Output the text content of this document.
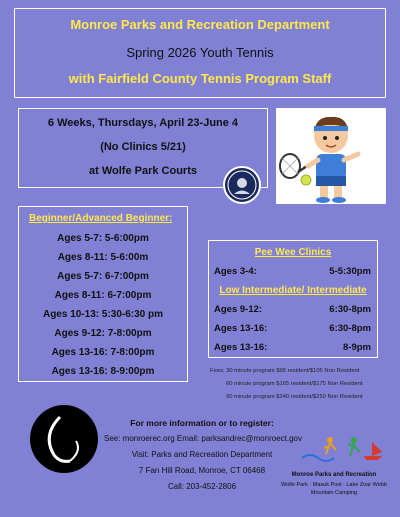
Monroe Parks and Recreation Department
Spring 2026 Youth Tennis
with Fairfield County Tennis Program Staff
6 Weeks, Thursdays, April 23-June 4
(No Clinics 5/21)
at Wolfe Park Courts
Beginner/Advanced Beginner:
Ages 5-7: 5-6:00pm
Ages 8-11: 5-6:00m
Ages 5-7: 6-7:00pm
Ages 8-11: 6-7:00pm
Ages 10-13: 5:30-6:30 pm
Ages 9-12: 7-8:00pm
Ages 13-16: 7-8:00pm
Ages 13-16: 8-9:00pm
Pee Wee Clinics
Ages 3-4:	5-5:30pm
Low Intermediate/ Intermediate
Ages 9-12:	6:30-8pm
Ages 13-16:	6:30-8pm
Ages 13-16:	8-9pm
Fees: 30 minute program $95 resident/$105 Non Resident
60 minute program $165 resident/$175 Non Resident
90 minute program $240 resident/$250 Non Resident
For more information or to register:
See: monroerec.org Email: parksandrec@monroect.gov
Visit: Parks and Recreation Department
7 Fan Hill Road, Monroe, CT 06468
Call: 203-452-2806
Monroe Parks and Recreation
Wolfe Park · Masuk Pool · Lake Zoar Webb
Mountain Camping
